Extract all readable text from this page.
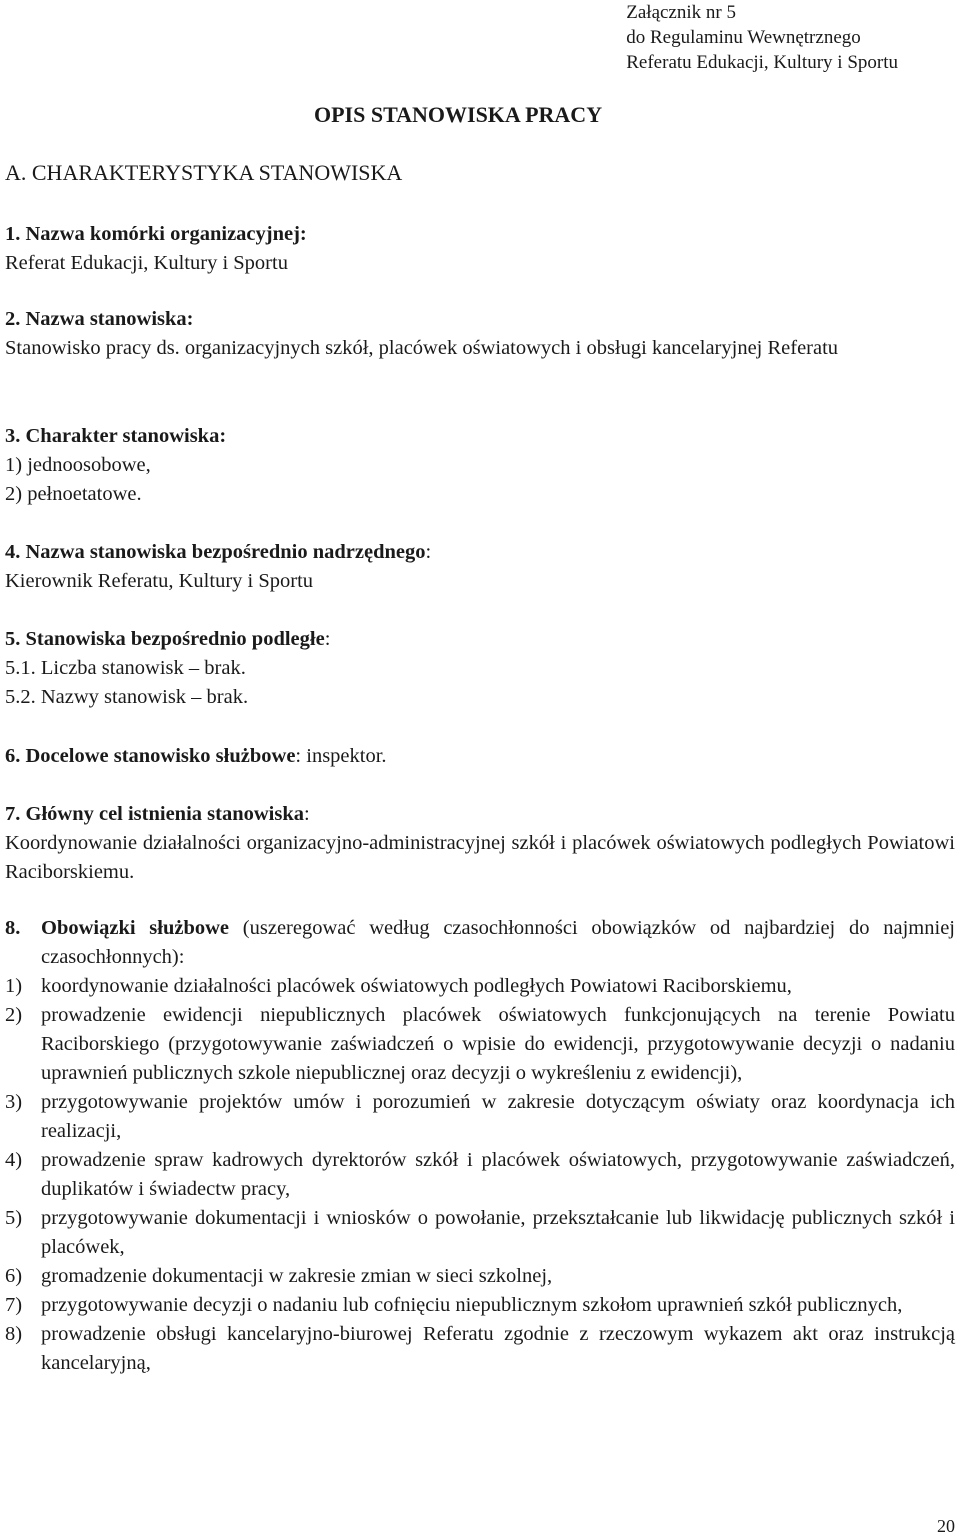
Załącznik nr 5
do Regulaminu Wewnętrznego
Referatu Edukacji, Kultury i Sportu
OPIS STANOWISKA PRACY
A. CHARAKTERYSTYKA STANOWISKA
1. Nazwa komórki organizacyjnej:
Referat Edukacji, Kultury i Sportu
2. Nazwa stanowiska:
Stanowisko pracy ds. organizacyjnych szkół, placówek oświatowych i obsługi kancelaryjnej Referatu
3. Charakter stanowiska:
1) jednoosobowe,
2) pełnoetatowe.
4. Nazwa stanowiska bezpośrednio nadrzędnego:
Kierownik Referatu, Kultury i Sportu
5. Stanowiska bezpośrednio podległe:
5.1. Liczba stanowisk – brak.
5.2. Nazwy stanowisk – brak.
6. Docelowe stanowisko służbowe: inspektor.
7. Główny cel istnienia stanowiska:
Koordynowanie działalności organizacyjno-administracyjnej szkół i placówek oświatowych podległych Powiatowi Raciborskiemu.
8. Obowiązki służbowe (uszeregować według czasochłonności obowiązków od najbardziej do najmniej czasochłonnych):
1) koordynowanie działalności placówek oświatowych podległych Powiatowi Raciborskiemu,
2) prowadzenie ewidencji niepublicznych placówek oświatowych funkcjonujących na terenie Powiatu Raciborskiego (przygotowywanie zaświadczeń o wpisie do ewidencji, przygotowywanie decyzji o nadaniu uprawnień publicznych szkole niepublicznej oraz decyzji o wykreśleniu z ewidencji),
3) przygotowywanie projektów umów i porozumień w zakresie dotyczącym oświaty oraz koordynacja ich realizacji,
4) prowadzenie spraw kadrowych dyrektorów szkół i placówek oświatowych, przygotowywanie zaświadczeń, duplikatów i świadectw pracy,
5) przygotowywanie dokumentacji i wniosków o powołanie, przekształcanie lub likwidację publicznych szkół i placówek,
6) gromadzenie dokumentacji w zakresie zmian w sieci szkolnej,
7) przygotowywanie decyzji o nadaniu lub cofnięciu niepublicznym szkołom uprawnień szkół publicznych,
8) prowadzenie obsługi kancelaryjno-biurowej Referatu zgodnie z rzeczowym wykazem akt oraz instrukcją kancelaryjną,
20
